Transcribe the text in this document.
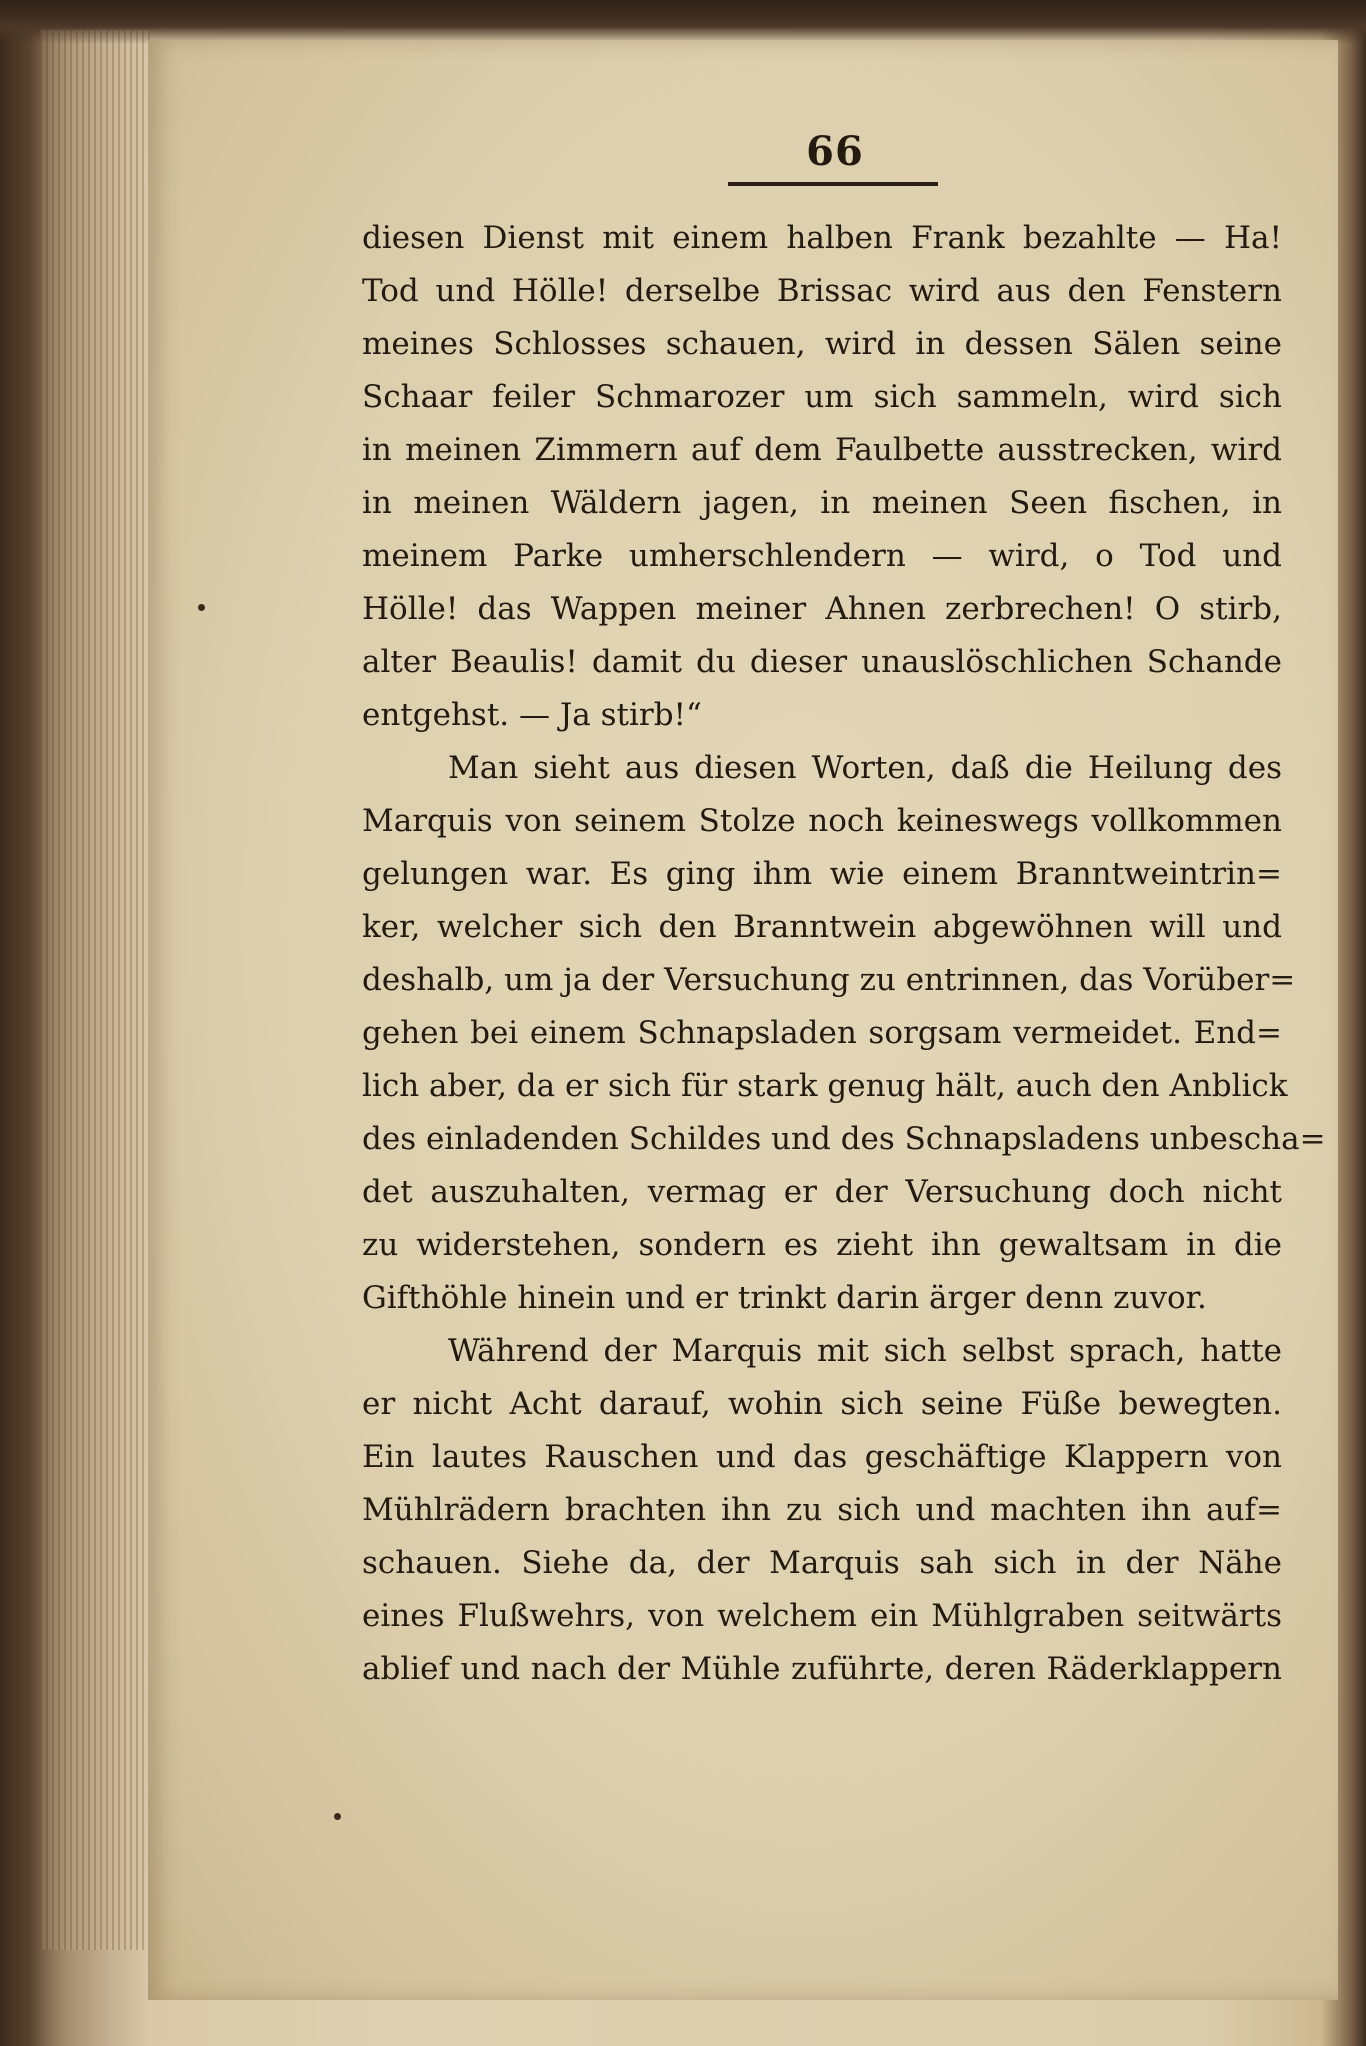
66
diesen Dienst mit einem halben Frank bezahlte — Ha!
Tod und Hölle! derselbe Brissac wird aus den Fenstern
meines Schlosses schauen, wird in dessen Sälen seine
Schaar feiler Schmarozer um sich sammeln, wird sich
in meinen Zimmern auf dem Faulbette ausstrecken, wird
in meinen Wäldern jagen, in meinen Seen fischen, in
meinem Parke umherschlendern — wird, o Tod und
Hölle! das Wappen meiner Ahnen zerbrechen! O stirb,
alter Beaulis! damit du dieser unauslöschlichen Schande
entgehst. — Ja stirb!“
Man sieht aus diesen Worten, daß die Heilung des
Marquis von seinem Stolze noch keineswegs vollkommen
gelungen war. Es ging ihm wie einem Branntweintrin=
ker, welcher sich den Branntwein abgewöhnen will und
deshalb, um ja der Versuchung zu entrinnen, das Vorüber=
gehen bei einem Schnapsladen sorgsam vermeidet. End=
lich aber, da er sich für stark genug hält, auch den Anblick
des einladenden Schildes und des Schnapsladens unbescha=
det auszuhalten, vermag er der Versuchung doch nicht
zu widerstehen, sondern es zieht ihn gewaltsam in die
Gifthöhle hinein und er trinkt darin ärger denn zuvor.
Während der Marquis mit sich selbst sprach, hatte
er nicht Acht darauf, wohin sich seine Füße bewegten.
Ein lautes Rauschen und das geschäftige Klappern von
Mühlrädern brachten ihn zu sich und machten ihn auf=
schauen. Siehe da, der Marquis sah sich in der Nähe
eines Flußwehrs, von welchem ein Mühlgraben seitwärts
ablief und nach der Mühle zuführte, deren Räderklappern
